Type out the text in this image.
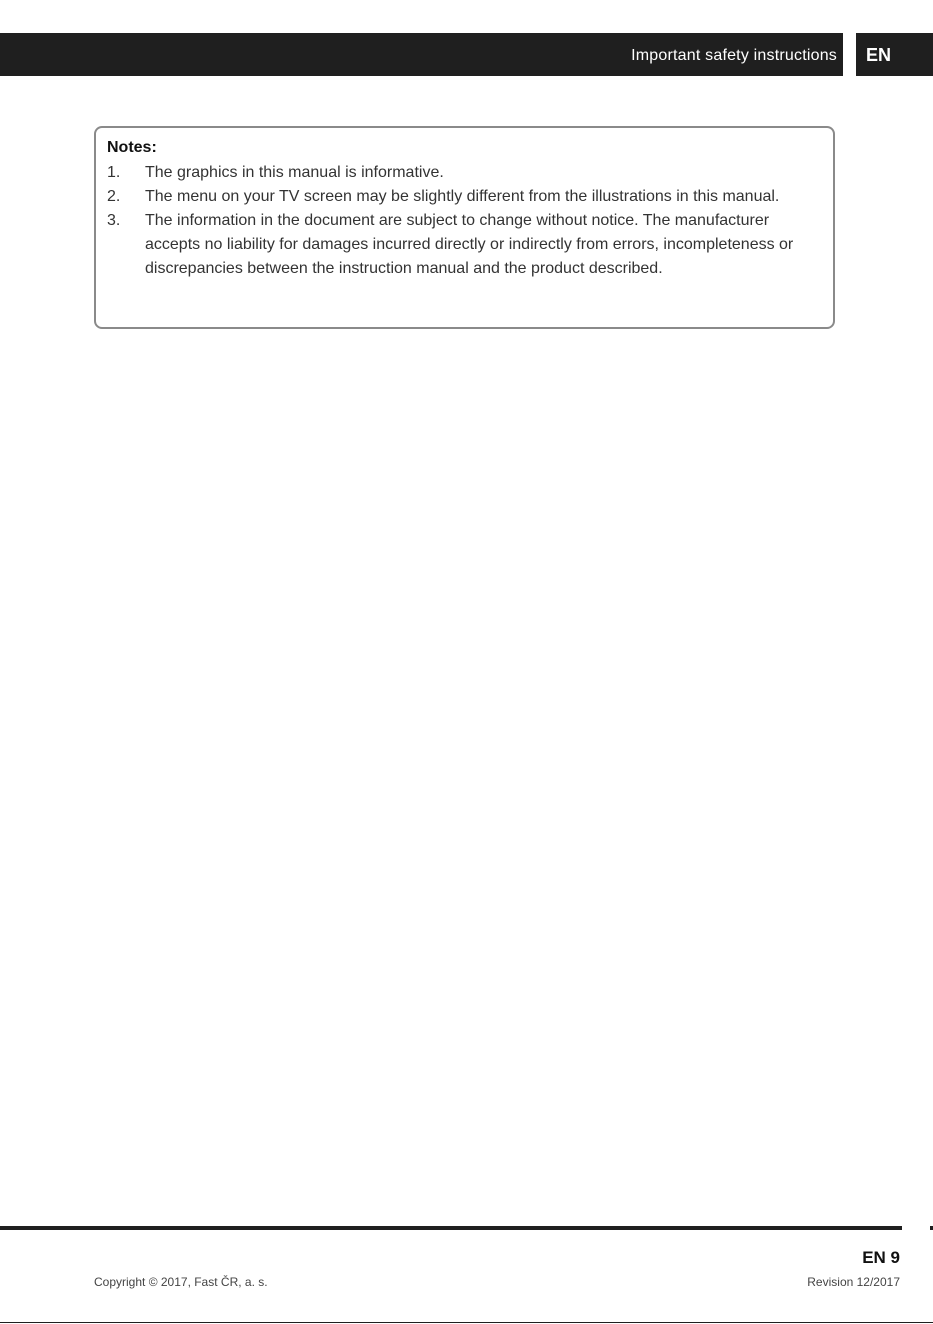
Important safety instructions EN
Notes:
1.	The graphics in this manual is informative.
2.	The menu on your TV screen may be slightly different from the illustrations in this manual.
3.	The information in the document are subject to change without notice. The manufacturer accepts no liability for damages incurred directly or indirectly from errors, incompleteness or discrepancies between the instruction manual and the product described.
EN 9
Copyright © 2017, Fast ČR, a. s.	Revision 12/2017
